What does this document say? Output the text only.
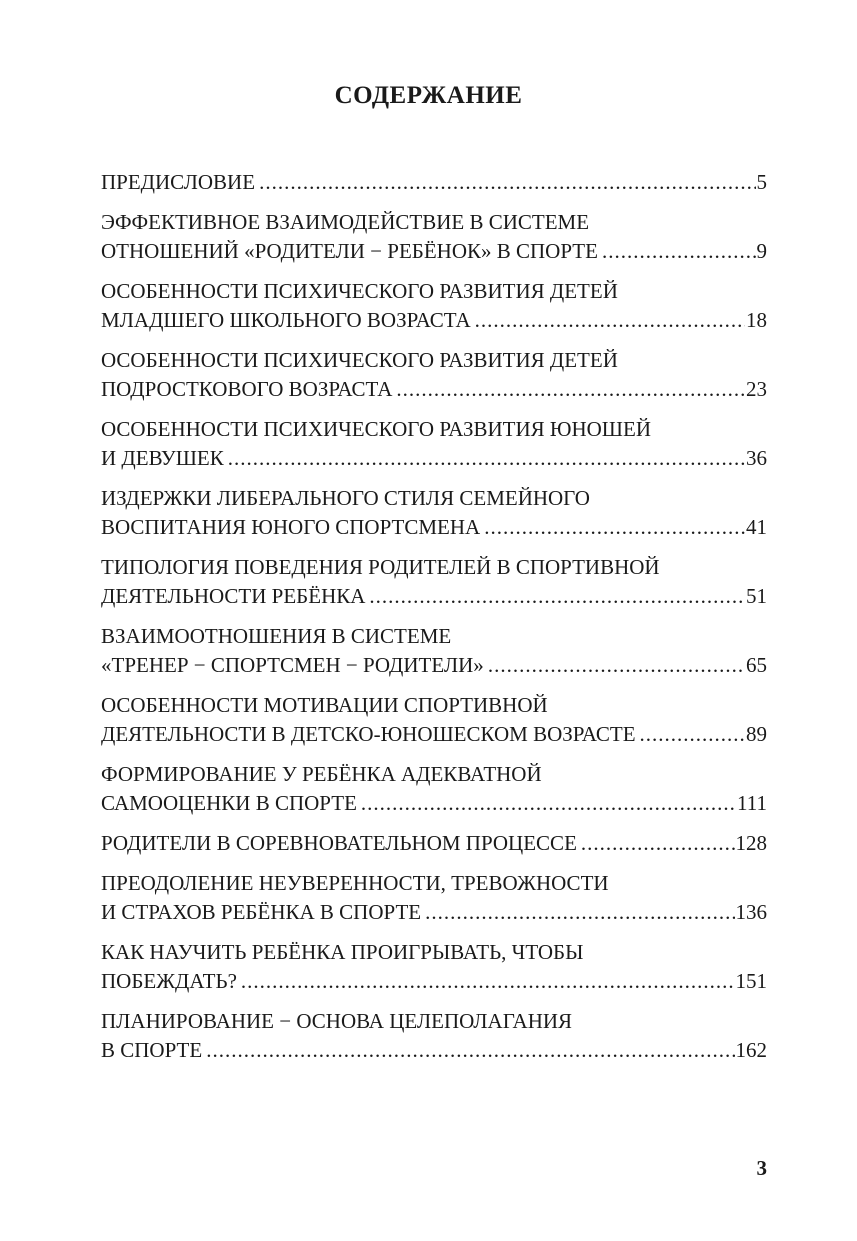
СОДЕРЖАНИЕ
ПРЕДИСЛОВИЕ .....	5
ЭФФЕКТИВНОЕ ВЗАИМОДЕЙСТВИЕ В СИСТЕМЕ
ОТНОШЕНИЙ «РОДИТЕЛИ − РЕБЁНОК» В СПОРТЕ .....	9
ОСОБЕННОСТИ ПСИХИЧЕСКОГО РАЗВИТИЯ ДЕТЕЙ
МЛАДШЕГО ШКОЛЬНОГО ВОЗРАСТА .....	18
ОСОБЕННОСТИ ПСИХИЧЕСКОГО РАЗВИТИЯ ДЕТЕЙ
ПОДРОСТКОВОГО ВОЗРАСТА .....	23
ОСОБЕННОСТИ ПСИХИЧЕСКОГО РАЗВИТИЯ ЮНОШЕЙ
И ДЕВУШЕК .....	36
ИЗДЕРЖКИ ЛИБЕРАЛЬНОГО СТИЛЯ СЕМЕЙНОГО
ВОСПИТАНИЯ ЮНОГО СПОРТСМЕНА .....	41
ТИПОЛОГИЯ ПОВЕДЕНИЯ РОДИТЕЛЕЙ В СПОРТИВНОЙ
ДЕЯТЕЛЬНОСТИ РЕБЁНКА .....	51
ВЗАИМООТНОШЕНИЯ В СИСТЕМЕ
«ТРЕНЕР − СПОРТСМЕН − РОДИТЕЛИ» .....	65
ОСОБЕННОСТИ МОТИВАЦИИ СПОРТИВНОЙ
ДЕЯТЕЛЬНОСТИ В ДЕТСКО-ЮНОШЕСКОМ ВОЗРАСТЕ .....	89
ФОРМИРОВАНИЕ У РЕБЁНКА АДЕКВАТНОЙ
САМООЦЕНКИ В СПОРТЕ .....	111
РОДИТЕЛИ В СОРЕВНОВАТЕЛЬНОМ ПРОЦЕССЕ .....	128
ПРЕОДОЛЕНИЕ НЕУВЕРЕННОСТИ, ТРЕВОЖНОСТИ
И СТРАХОВ РЕБЁНКА В СПОРТЕ .....	136
КАК НАУЧИТЬ РЕБЁНКА ПРОИГРЫВАТЬ, ЧТОБЫ
ПОБЕЖДАТЬ? .....	151
ПЛАНИРОВАНИЕ − ОСНОВА ЦЕЛЕПОЛАГАНИЯ
В СПОРТЕ .....	162
3
